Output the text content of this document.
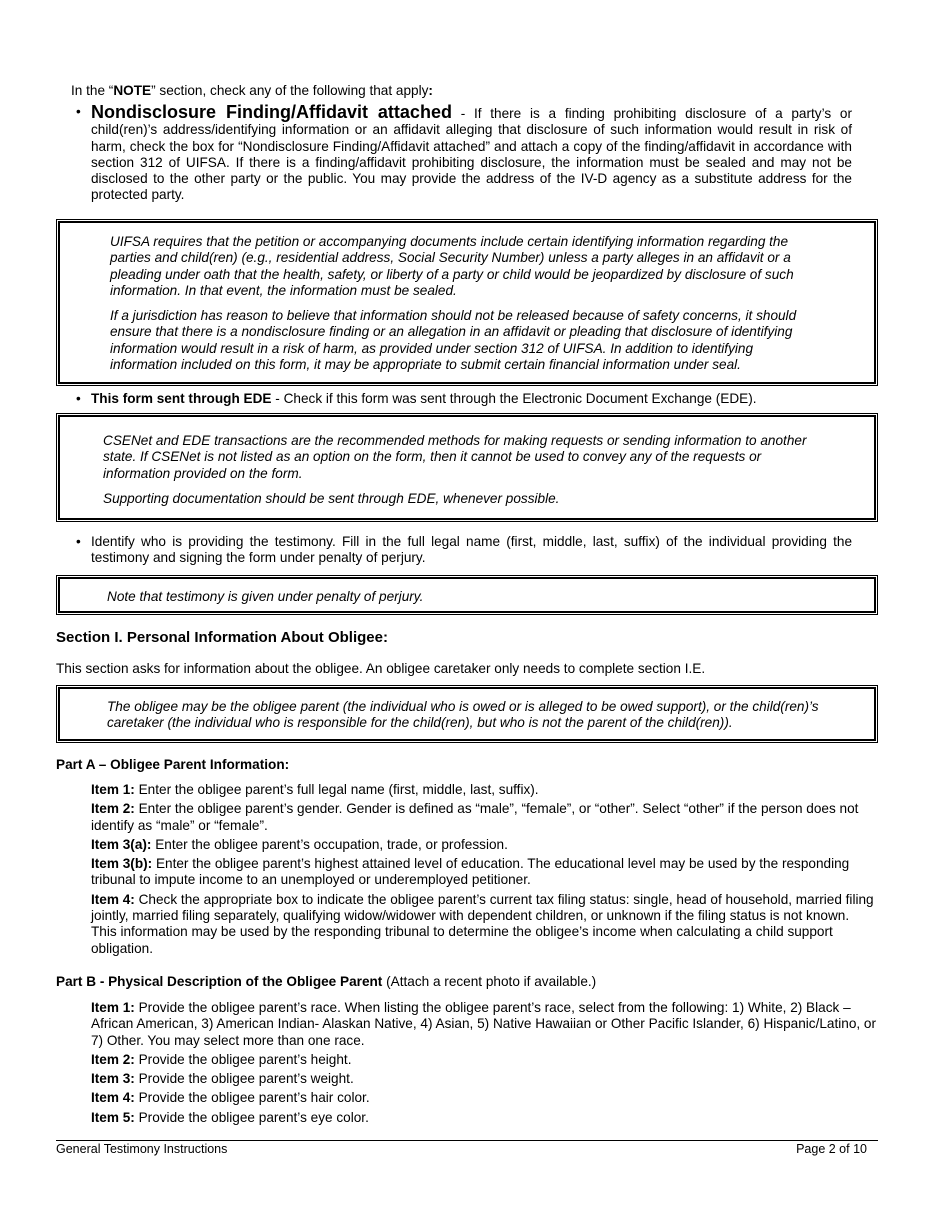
In the “NOTE” section, check any of the following that apply:
• Nondisclosure Finding/Affidavit attached - If there is a finding prohibiting disclosure of a party’s or child(ren)’s address/identifying information or an affidavit alleging that disclosure of such information would result in risk of harm, check the box for “Nondisclosure Finding/Affidavit attached” and attach a copy of the finding/affidavit in accordance with section 312 of UIFSA. If there is a finding/affidavit prohibiting disclosure, the information must be sealed and may not be disclosed to the other party or the public. You may provide the address of the IV-D agency as a substitute address for the protected party.

UIFSA requires that the petition or accompanying documents include certain identifying information regarding the parties and child(ren) (e.g., residential address, Social Security Number) unless a party alleges in an affidavit or a pleading under oath that the health, safety, or liberty of a party or child would be jeopardized by disclosure of such information. In that event, the information must be sealed.

If a jurisdiction has reason to believe that information should not be released because of safety concerns, it should ensure that there is a nondisclosure finding or an allegation in an affidavit or pleading that disclosure of identifying information would result in a risk of harm, as provided under section 312 of UIFSA. In addition to identifying information included on this form, it may be appropriate to submit certain financial information under seal.

• This form sent through EDE - Check if this form was sent through the Electronic Document Exchange (EDE).

CSENet and EDE transactions are the recommended methods for making requests or sending information to another state. If CSENet is not listed as an option on the form, then it cannot be used to convey any of the requests or information provided on the form.

Supporting documentation should be sent through EDE, whenever possible.

• Identify who is providing the testimony. Fill in the full legal name (first, middle, last, suffix) of the individual providing the testimony and signing the form under penalty of perjury.

Note that testimony is given under penalty of perjury.

Section I. Personal Information About Obligee:
This section asks for information about the obligee. An obligee caretaker only needs to complete section I.E.

The obligee may be the obligee parent (the individual who is owed or is alleged to be owed support), or the child(ren)’s caretaker (the individual who is responsible for the child(ren), but who is not the parent of the child(ren)).

Part A – Obligee Parent Information:
Item 1: Enter the obligee parent’s full legal name (first, middle, last, suffix).
Item 2: Enter the obligee parent’s gender. Gender is defined as “male”, “female”, or “other”. Select “other” if the person does not identify as “male” or “female”.
Item 3(a): Enter the obligee parent’s occupation, trade, or profession.
Item 3(b): Enter the obligee parent’s highest attained level of education. The educational level may be used by the responding tribunal to impute income to an unemployed or underemployed petitioner.
Item 4: Check the appropriate box to indicate the obligee parent’s current tax filing status: single, head of household, married filing jointly, married filing separately, qualifying widow/widower with dependent children, or unknown if the filing status is not known. This information may be used by the responding tribunal to determine the obligee’s income when calculating a child support obligation.
Part B - Physical Description of the Obligee Parent (Attach a recent photo if available.)
Item 1: Provide the obligee parent’s race. When listing the obligee parent’s race, select from the following: 1) White, 2) Black – African American, 3) American Indian- Alaskan Native, 4) Asian, 5) Native Hawaiian or Other Pacific Islander, 6) Hispanic/Latino, or 7) Other. You may select more than one race.
Item 2: Provide the obligee parent’s height.
Item 3: Provide the obligee parent’s weight.
Item 4: Provide the obligee parent’s hair color.
Item 5: Provide the obligee parent’s eye color.
General Testimony Instructions	Page 2 of 10
